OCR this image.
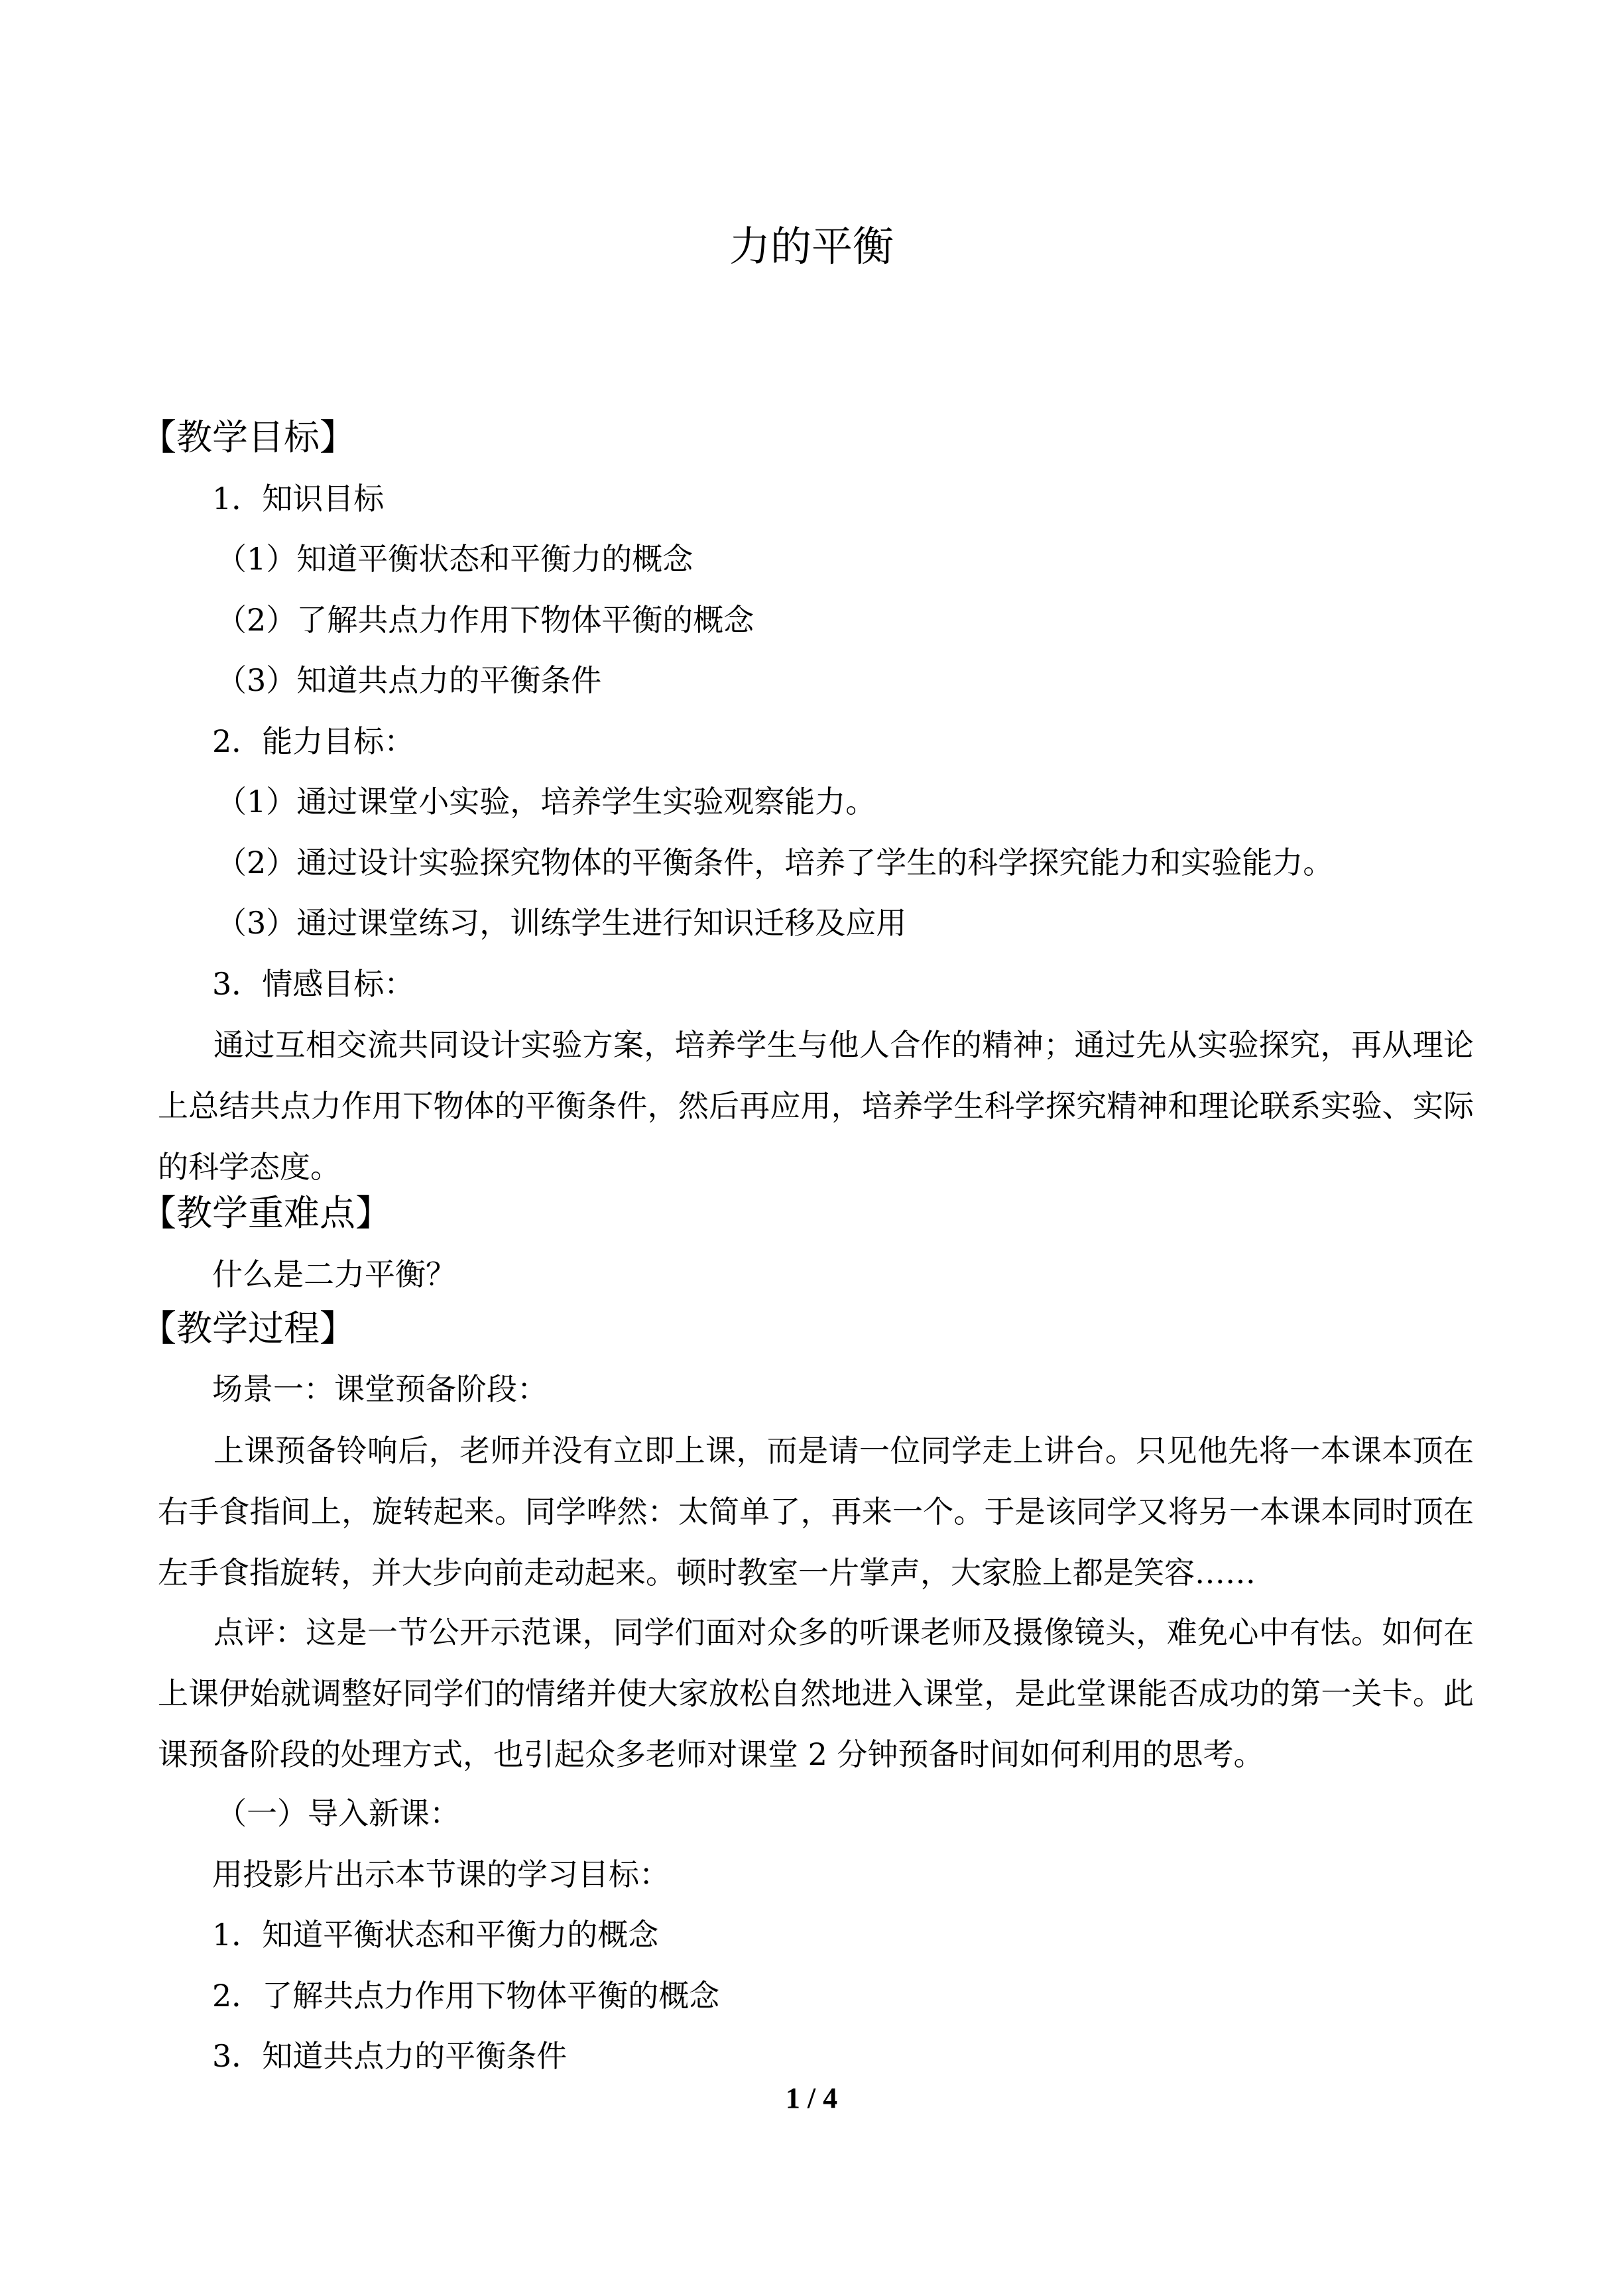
力的平衡
【教学目标】

1．知识目标

（1）知道平衡状态和平衡力的概念

（2）了解共点力作用下物体平衡的概念

（3）知道共点力的平衡条件

2．能力目标：

（1）通过课堂小实验，培养学生实验观察能力。

（2）通过设计实验探究物体的平衡条件，培养了学生的科学探究能力和实验能力。

（3）通过课堂练习，训练学生进行知识迁移及应用

3．情感目标：

通过互相交流共同设计实验方案，培养学生与他人合作的精神；通过先从实验探究，再从理论上总结共点力作用下物体的平衡条件，然后再应用，培养学生科学探究精神和理论联系实验、实际的科学态度。

【教学重难点】

什么是二力平衡？

【教学过程】

场景一：课堂预备阶段：

上课预备铃响后，老师并没有立即上课，而是请一位同学走上讲台。只见他先将一本课本顶在右手食指间上，旋转起来。同学哗然：太简单了，再来一个。于是该同学又将另一本课本同时顶在左手食指旋转，并大步向前走动起来。顿时教室一片掌声，大家脸上都是笑容……

点评：这是一节公开示范课，同学们面对众多的听课老师及摄像镜头，难免心中有怯。如何在上课伊始就调整好同学们的情绪并使大家放松自然地进入课堂，是此堂课能否成功的第一关卡。此课预备阶段的处理方式，也引起众多老师对课堂 2 分钟预备时间如何利用的思考。

（一）导入新课：

用投影片出示本节课的学习目标：

1．知道平衡状态和平衡力的概念

2．了解共点力作用下物体平衡的概念

3．知道共点力的平衡条件

1 / 4
